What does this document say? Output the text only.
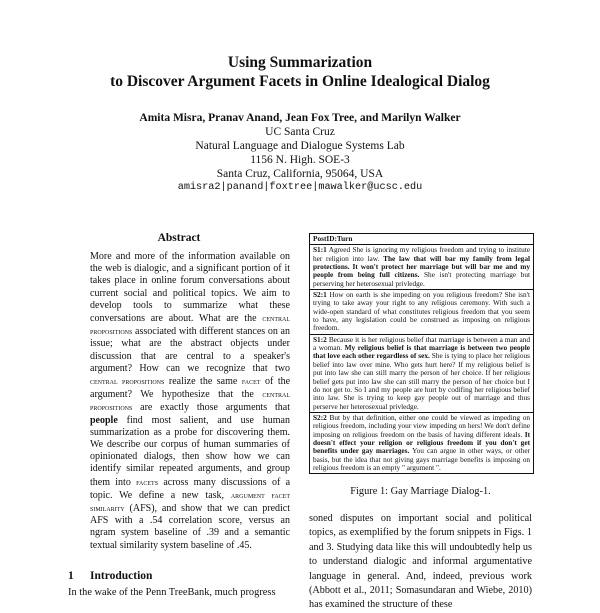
Using Summarization
to Discover Argument Facets in Online Idealogical Dialog
Amita Misra, Pranav Anand, Jean Fox Tree, and Marilyn Walker
UC Santa Cruz
Natural Language and Dialogue Systems Lab
1156 N. High. SOE-3
Santa Cruz, California, 95064, USA
amisra2|panand|foxtree|mawalker@ucsc.edu
Abstract

More and more of the information available on the web is dialogic, and a significant portion of it takes place in online forum conversations about current social and political topics. We aim to develop tools to summarize what these conversations are about. What are the central propositions associated with different stances on an issue; what are the abstract objects under discussion that are central to a speaker's argument? How can we recognize that two central propositions realize the same facet of the argument? We hypothesize that the central propositions are exactly those arguments that people find most salient, and use human summarization as a probe for discovering them. We describe our corpus of human summaries of opinionated dialogs, then show how we can identify similar repeated arguments, and group them into facets across many discussions of a topic. We define a new task, argument facet similarity (AFS), and show that we can predict AFS with a .54 correlation score, versus an ngram system baseline of .39 and a semantic textual similarity system baseline of .45.

1 Introduction
In the wake of the Penn TreeBank, much progress
PostID:Turn
S1:1 Agreed She is ignoring my religious freedom and trying to institute her religion into law. The law that will bar my family from legal protections. It won't protect her marriage but will bar me and my people from being full citizens. She isn't protecting marriage but perserving her heterosexual privledge.
S2:1 How on earth is she impeding on you religious freedom? She isn't trying to take away your right to any religious ceremony. With such a wide-open standard of what constitutes religious freedom that you seem to have, any legislation could be construed as imposing on religious freedom.
S1:2 Because it is her religious belief that marriage is between a man and a woman. My religious belief is that marriage is between two people that love each other regardless of sex. She is tying to place her religious belief into law over mine. Who gets hurt here? If my religious belief is put into law she can still marry the person of her choice. If her religious belief gets put into law she can still marry the person of her choice but I do not get to. So I and my people are hurt by codifing her religious belief into law. She is trying to keep gay people out of marriage and thus perserve her heterosexual privledge.
S2:2 But by that definition, either one could be viewed as impeding on religious freedom, including your view impeding on hers! We don't define imposing on religious freedom on the basis of having different ideals. It doesn't effect your religion or religious freedom if you don't get benefits under gay marriages. You can argue in other ways, or other basis, but the idea that not giving gays marriage benefits is imposing on religious freedom is an empty " argument ".
Figure 1: Gay Marriage Dialog-1.
soned disputes on important social and political topics, as exemplified by the forum snippets in Figs. 1 and 3. Studying data like this will undoubtedly help us to understand dialogic and informal argumentative language in general. And, indeed, previous work (Abbott et al., 2011; Somasundaran and Wiebe, 2010) has examined the structure of these
